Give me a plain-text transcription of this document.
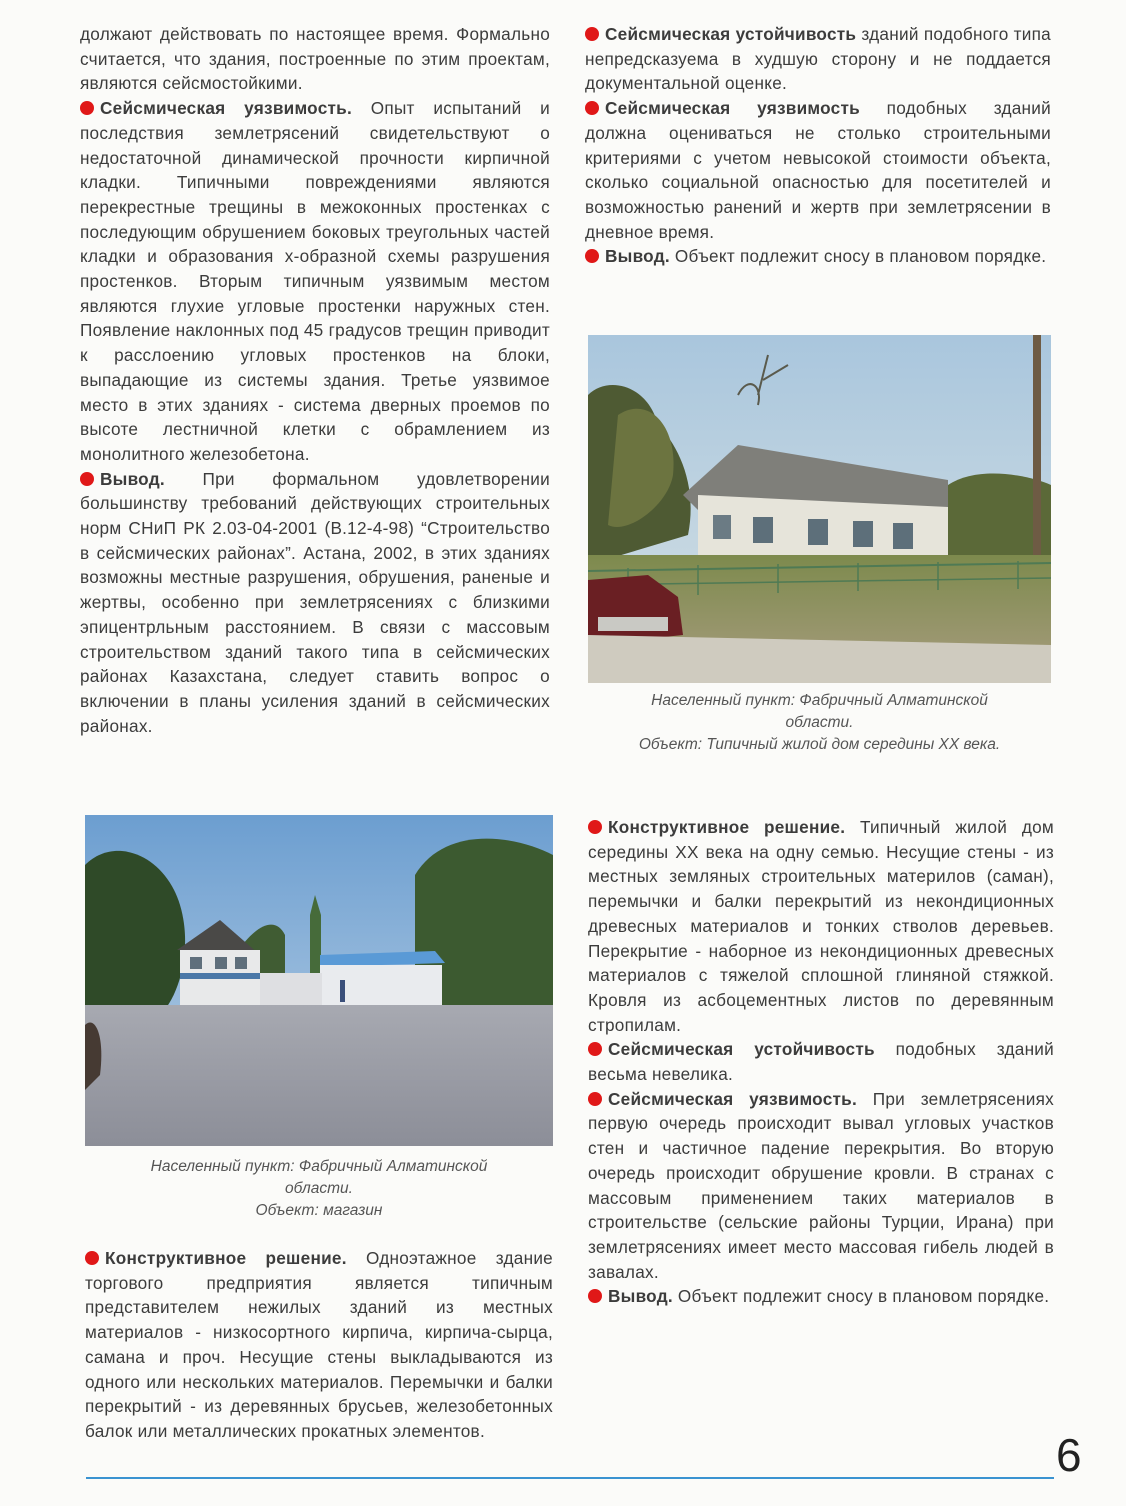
должают действовать по настоящее время. Формально считается, что здания, построенные по этим проектам, являются сейсмостойкими.

Сейсмическая уязвимость. Опыт испытаний и последствия землетрясений свидетельствуют о недостаточной динамической прочности кирпичной кладки. Типичными повреждениями являются перекрестные трещины в межоконных простенках с последующим обрушением боковых треугольных частей кладки и образования х-образной схемы разрушения простенков. Вторым типичным уязвимым местом являются глухие угловые простенки наружных стен. Появление наклонных под 45 градусов трещин приводит к расслоению угловых простенков на блоки, выпадающие из системы здания. Третье уязвимое место в этих зданиях - система дверных проемов по высоте лестничной клетки с обрамлением из монолитного железобетона.

Вывод. При формальном удовлетворении большинству требований действующих строительных норм СНиП РК 2.03-04-2001 (В.12-4-98) “Строительство в сейсмических районах”. Астана, 2002, в этих зданиях возможны местные разрушения, обрушения, раненые и жертвы, особенно при землетрясениях с близкими эпицентрльным расстоянием. В связи с массовым строительством зданий такого типа в сейсмических районах Казахстана, следует ставить вопрос о включении в планы усиления зданий в сейсмических районах.

Сейсмическая устойчивость зданий подобного типа непредсказуема в худшую сторону и не поддается документальной оценке.

Сейсмическая уязвимость подобных зданий должна оцениваться не столько строительными критериями с учетом невысокой стоимости объекта, сколько социальной опасностью для посетителей и возможностью ранений и жертв при землетрясении в дневное время.

Вывод. Объект подлежит сносу в плановом порядке.

Населенный пункт: Фабричный Алматинской
области.
Объект: Типичный жилой дом середины XX века.
Населенный пункт: Фабричный Алматинской
области.
Объект: магазин

Конструктивное решение. Одноэтажное здание торгового предприятия является типичным представителем нежилых зданий из местных материалов - низкосортного кирпича, кирпича-сырца, самана и проч. Несущие стены выкладываются из одного или нескольких материалов. Перемычки и балки перекрытий - из деревянных брусьев, железобетонных балок или металлических прокатных элементов.

Конструктивное решение. Типичный жилой дом середины XX века на одну семью. Несущие стены - из местных земляных строительных материлов (саман), перемычки и балки перекрытий из некондиционных древесных материалов и тонких стволов деревьев. Перекрытие - наборное из некондиционных древесных материалов с тяжелой сплошной глиняной стяжкой. Кровля из асбоцементных листов по деревянным стропилам.

Сейсмическая устойчивость подобных зданий весьма невелика.

Сейсмическая уязвимость. При землетрясениях первую очередь происходит вывал угловых участков стен и частичное падение перекрытия. Во вторую очередь происходит обрушение кровли. В странах с массовым применением таких материалов в строительстве (сельские районы Турции, Ирана) при землетрясениях имеет место массовая гибель людей в завалах.

Вывод. Объект подлежит сносу в плановом порядке.

6
